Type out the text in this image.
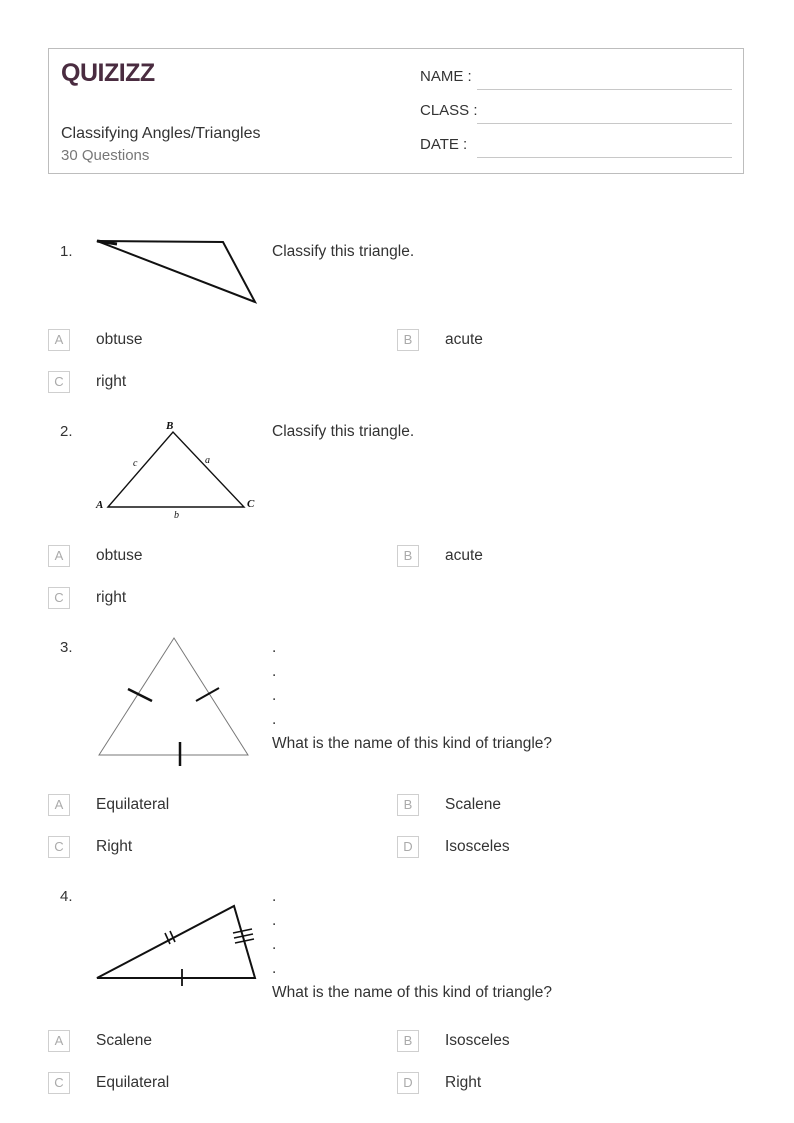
QUIZIZZ
Classifying Angles/Triangles
30 Questions
NAME :
CLASS :
DATE :
1.	Classify this triangle.
A	obtuse	B	acute
C	right
2.	B
A	C
a
b
c
Classify this triangle.
A	obtuse	B	acute
C	right
3.	.
.
.
.
What is the name of this kind of triangle?
A	Equilateral	B	Scalene
C	Right	D	Isosceles
4.	.
.
.
.
What is the name of this kind of triangle?
A	Scalene	B	Isosceles
C	Equilateral	D	Right
